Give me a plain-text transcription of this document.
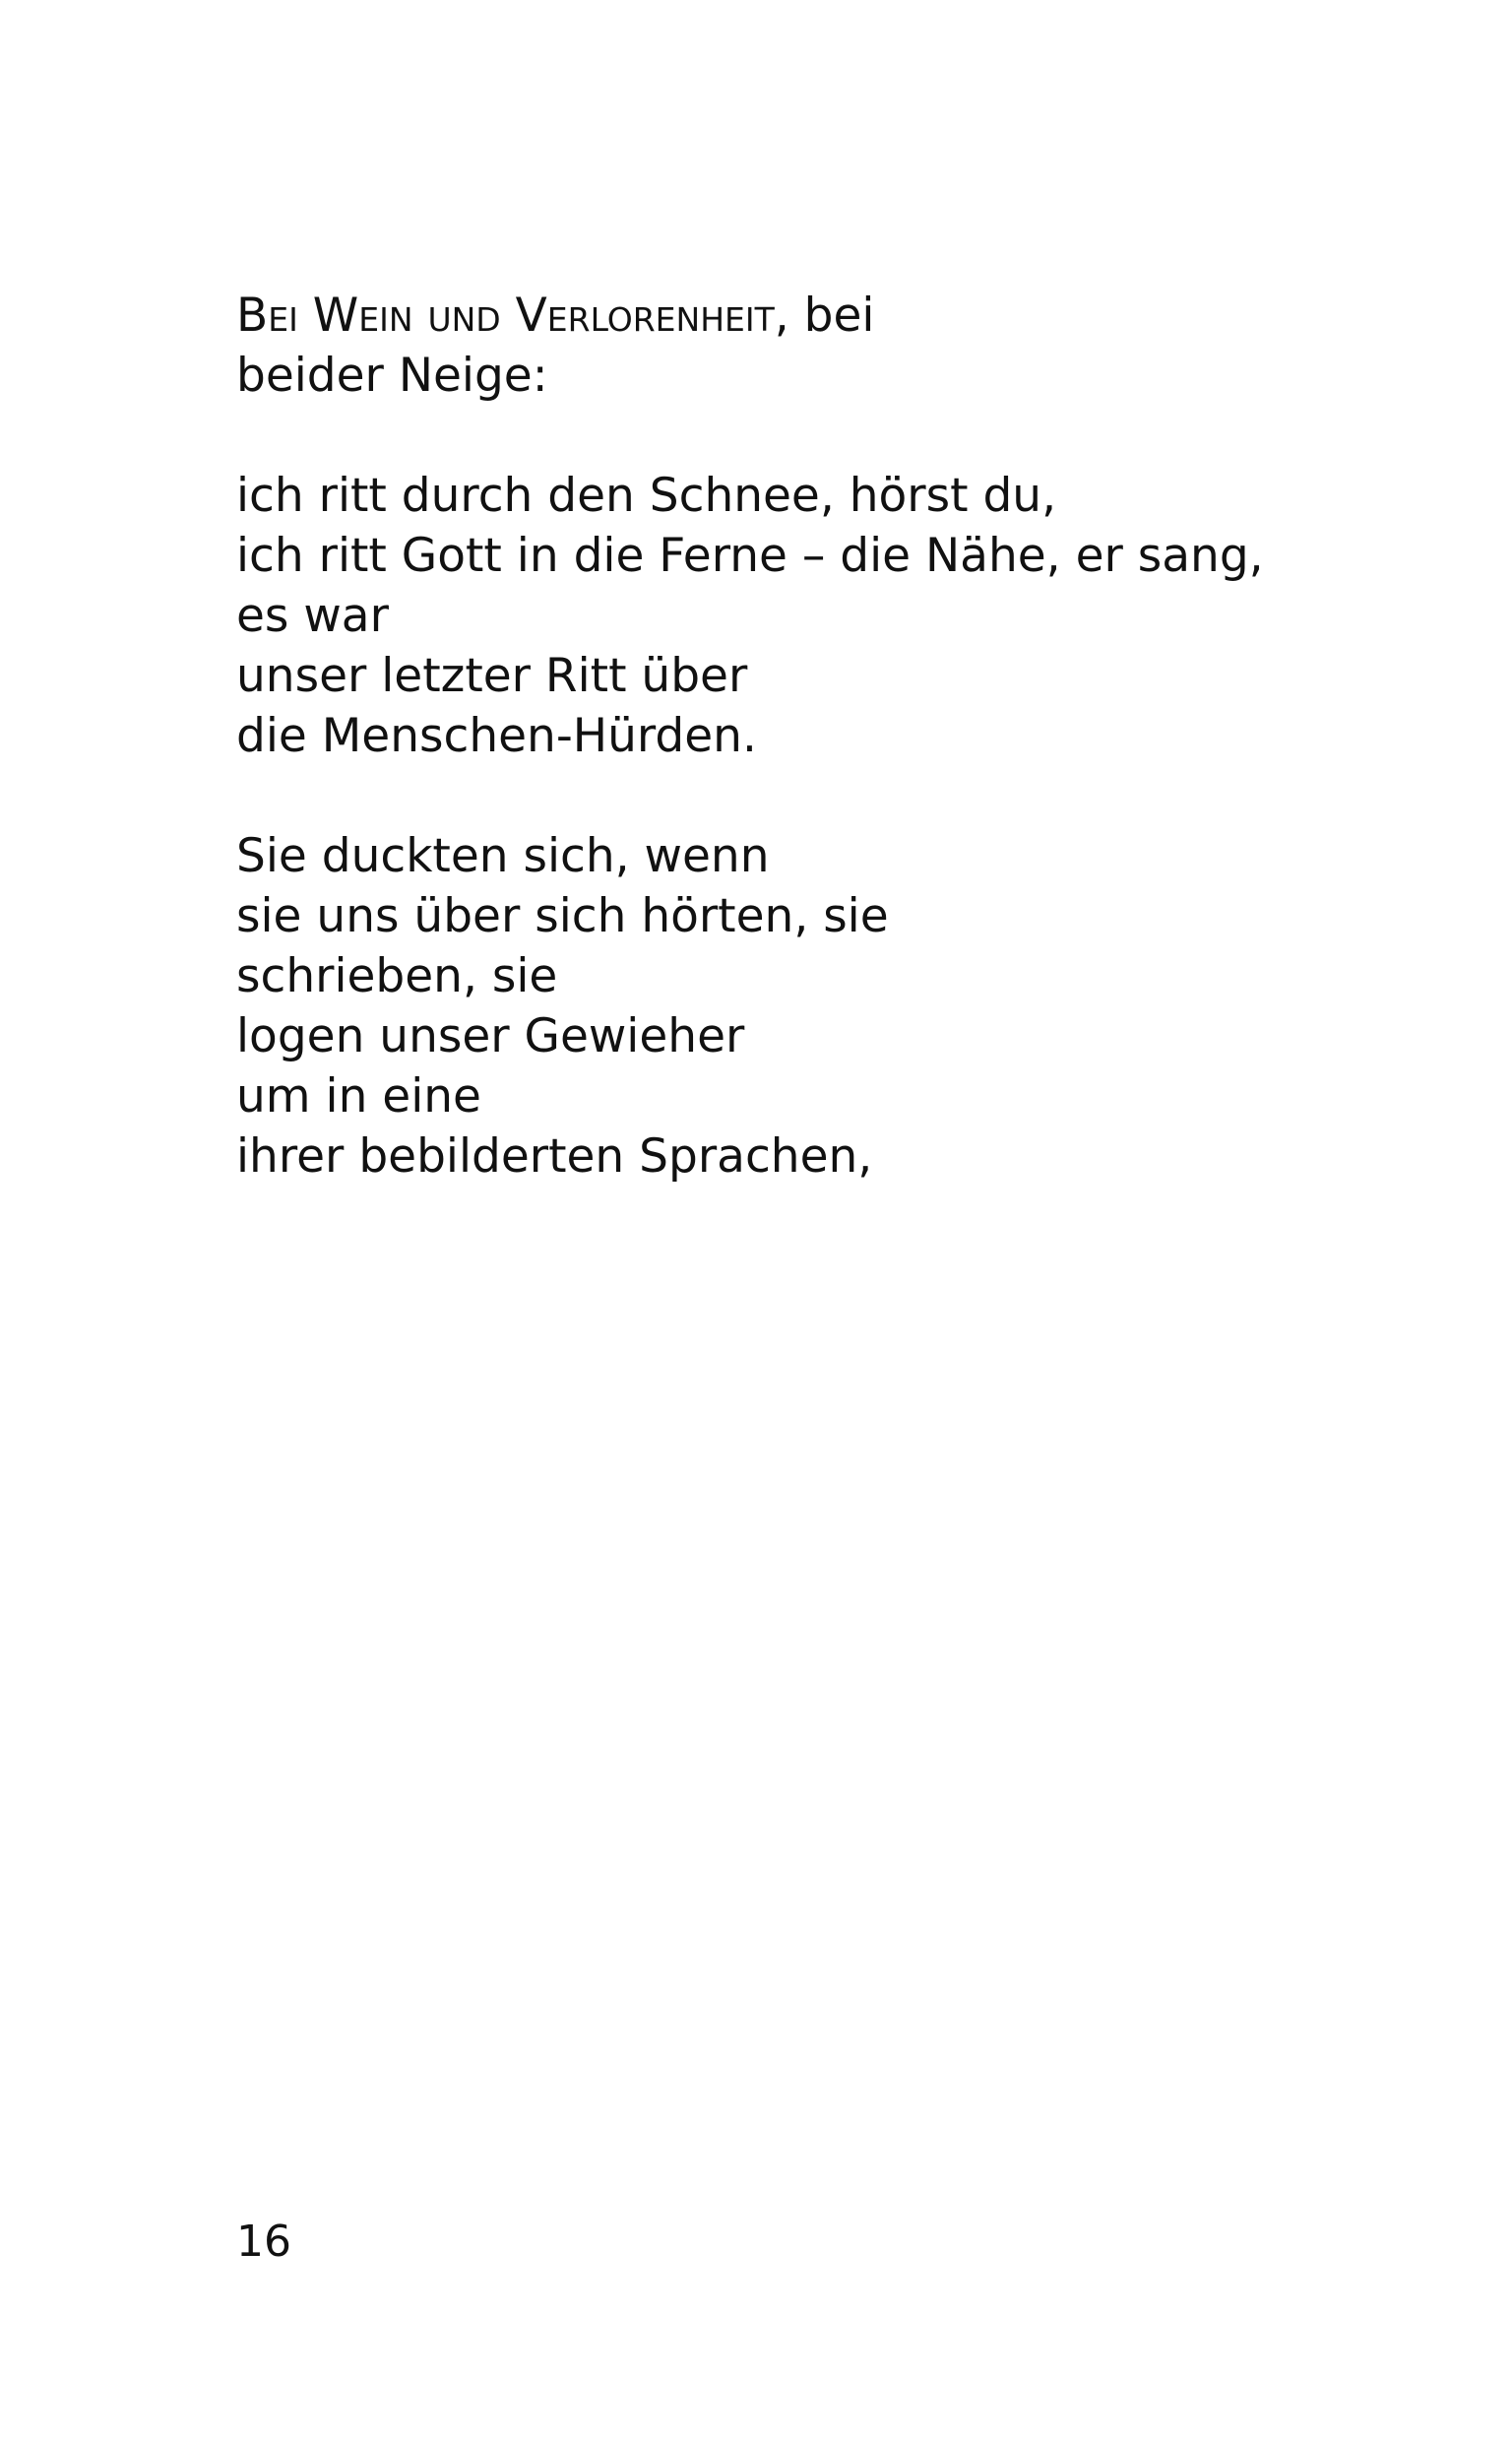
Bei Wein und Verlorenheit, bei
beider Neige:
ich ritt durch den Schnee, hörst du,
ich ritt Gott in die Ferne – die Nähe, er sang,
es war
unser letzter Ritt über
die Menschen-Hürden.
Sie duckten sich, wenn
sie uns über sich hörten, sie
schrieben, sie
logen unser Gewieher
um in eine
ihrer bebilderten Sprachen,
16
